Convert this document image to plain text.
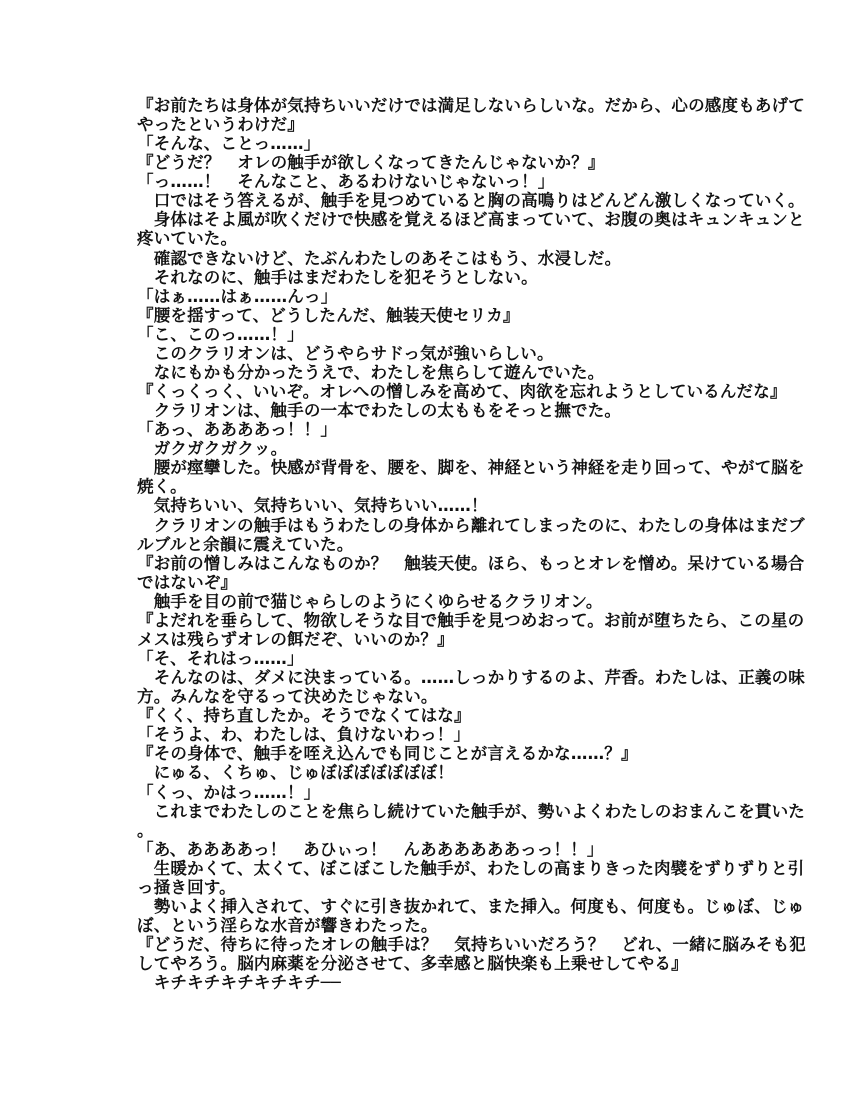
『お前たちは身体が気持ちいいだけでは満足しないらしいな。だから、心の感度もあげて
やったというわけだ』
「そんな、ことっ……」
『どうだ？　オレの触手が欲しくなってきたんじゃないか？』
「っ……！　そんなこと、あるわけないじゃないっ！」
　口ではそう答えるが、触手を見つめていると胸の高鳴りはどんどん激しくなっていく。
　身体はそよ風が吹くだけで快感を覚えるほど高まっていて、お腹の奥はキュンキュンと
疼いていた。
　確認できないけど、たぶんわたしのあそこはもう、水浸しだ。
　それなのに、触手はまだわたしを犯そうとしない。
「はぁ……はぁ……んっ」
『腰を揺すって、どうしたんだ、触装天使セリカ』
「こ、このっ……！」
　このクラリオンは、どうやらサドっ気が強いらしい。
　なにもかも分かったうえで、わたしを焦らして遊んでいた。
『くっくっく、いいぞ。オレへの憎しみを高めて、肉欲を忘れようとしているんだな』
　クラリオンは、触手の一本でわたしの太ももをそっと撫でた。
「あっ、ああああっ！！」
　ガクガクガクッ。
　腰が痙攣した。快感が背骨を、腰を、脚を、神経という神経を走り回って、やがて脳を
焼く。
　気持ちいい、気持ちいい、気持ちいい……！
　クラリオンの触手はもうわたしの身体から離れてしまったのに、わたしの身体はまだブ
ルブルと余韻に震えていた。
『お前の憎しみはこんなものか？　触装天使。ほら、もっとオレを憎め。呆けている場合
ではないぞ』
　触手を目の前で猫じゃらしのようにくゆらせるクラリオン。
『よだれを垂らして、物欲しそうな目で触手を見つめおって。お前が堕ちたら、この星の
メスは残らずオレの餌だぞ、いいのか？』
「そ、それはっ……」
　そんなのは、ダメに決まっている。……しっかりするのよ、芹香。わたしは、正義の味
方。みんなを守るって決めたじゃない。
『くく、持ち直したか。そうでなくてはな』
「そうよ、わ、わたしは、負けないわっ！」
『その身体で、触手を咥え込んでも同じことが言えるかな……？』
　にゅる、くちゅ、じゅぼぼぼぼぼぼぼ！
「くっ、かはっ……！」
　これまでわたしのことを焦らし続けていた触手が、勢いよくわたしのおまんこを貫いた
。
「あ、ああああっ！　あひぃっ！　んああああああっっ！！」
　生暖かくて、太くて、ぼこぼこした触手が、わたしの高まりきった肉襞をずりずりと引
っ掻き回す。
　勢いよく挿入されて、すぐに引き抜かれて、また挿入。何度も、何度も。じゅぼ、じゅ
ぼ、という淫らな水音が響きわたった。
『どうだ、待ちに待ったオレの触手は？　気持ちいいだろう？　どれ、一緒に脳みそも犯
してやろう。脳内麻薬を分泌させて、多幸感と脳快楽も上乗せしてやる』
　キチキチキチキチキチ──
